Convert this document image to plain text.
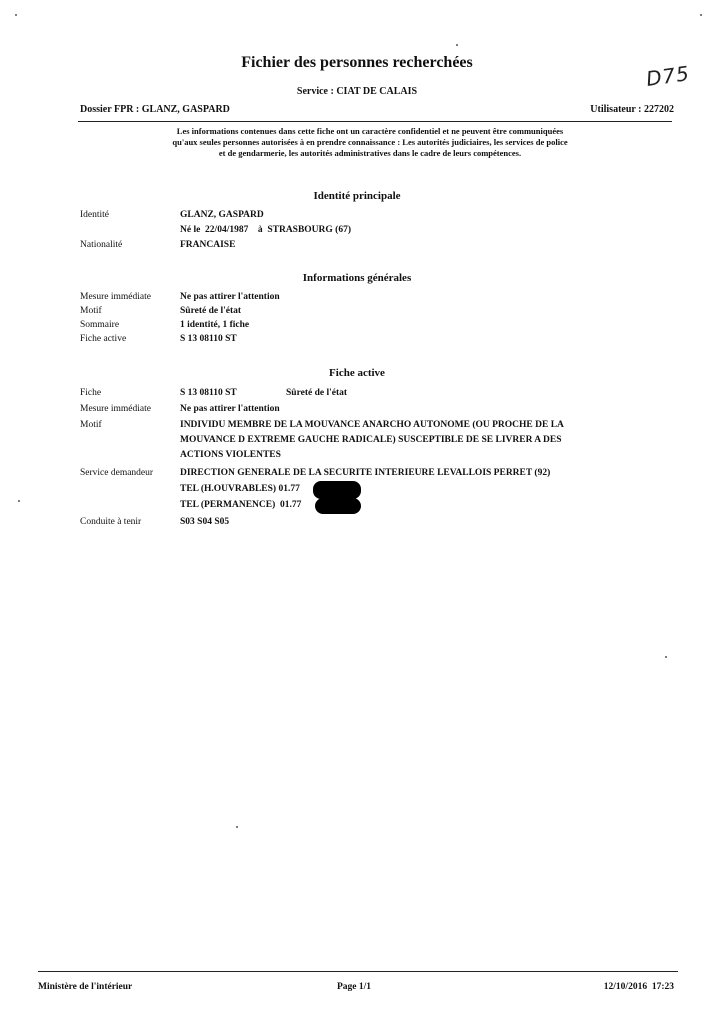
Fichier des personnes recherchées
Service : CIAT DE CALAIS
D75
Dossier FPR : GLANZ, GASPARD	Utilisateur : 227202
Les informations contenues dans cette fiche ont un caractère confidentiel et ne peuvent être communiquées
qu'aux seules personnes autorisées à en prendre connaissance : Les autorités judiciaires, les services de police
et de gendarmerie, les autorités administratives dans le cadre de leurs compétences.
Identité principale
Identité	GLANZ, GASPARD
Né le  22/04/1987    à  STRASBOURG (67)
Nationalité	FRANCAISE
Informations générales
Mesure immédiate	Ne pas attirer l'attention
Motif	Sûreté de l'état
Sommaire	1 identité, 1 fiche
Fiche active	S 13 08110 ST
Fiche active
Fiche	S 13 08110 ST	Sûreté de l'état
Mesure immédiate	Ne pas attirer l'attention
Motif	INDIVIDU MEMBRE DE LA MOUVANCE ANARCHO AUTONOME (OU PROCHE DE LA
MOUVANCE D EXTREME GAUCHE RADICALE) SUSCEPTIBLE DE SE LIVRER A DES
ACTIONS VIOLENTES
Service demandeur	DIRECTION GENERALE DE LA SECURITE INTERIEURE LEVALLOIS PERRET (92)
TEL (H.OUVRABLES) 01.77
TEL (PERMANENCE)  01.77
Conduite à tenir	S03 S04 S05
Ministère de l'intérieur	Page 1/1	12/10/2016  17:23
